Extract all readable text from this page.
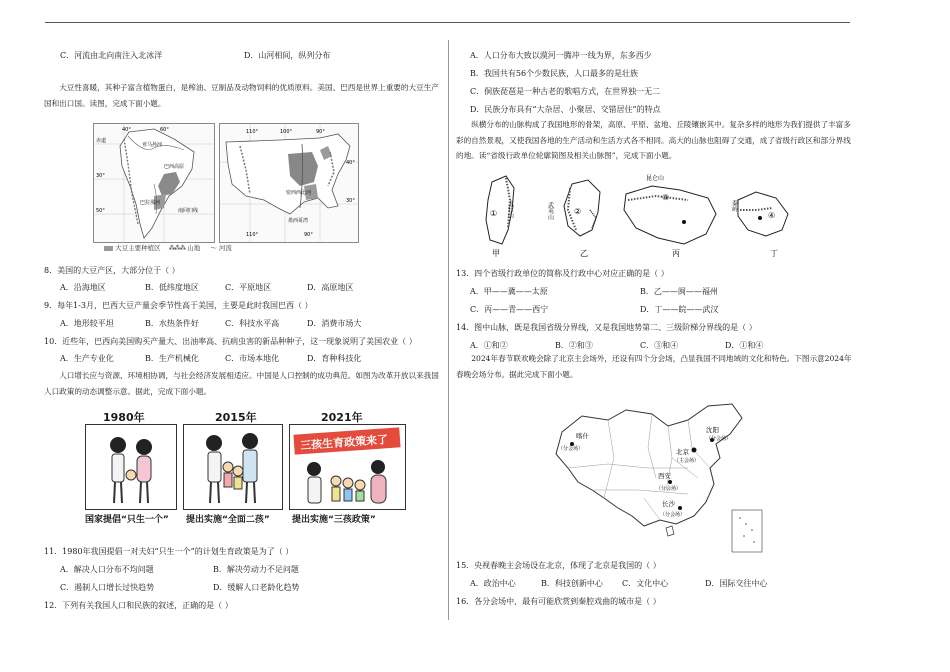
C．河流由北向南注入北冰洋	D．山河相间，纵列分布
大豆性喜暖，其种子富含植物蛋白，是榨油、豆制品及动物饲料的优质原料。美国、巴西是世界上重要的大豆生产国和出口国。读图，完成下面小题。
赤道
30°
亚马孙河
巴拉那河
巴西高原
南回归线
50°
40°	60°	110°	100°	90°
40°
30°
密西西比河
墨西哥湾
110°	90°
大豆主要种植区 ⁂⁂⁂ 山地 〜 河流
8．美国的大豆产区，大部分位于（ ）
A．沿海地区	B．低纬度地区	C．平原地区	D．高原地区
9．每年1-3月，巴西大豆产量会季节性高于美国，主要是此时我国巴西（ ）
A．地形较平坦	B．水热条件好	C．科技水平高	D．消费市场大
10．近些年，巴西向美国购买产量大、出油率高、抗病虫害的新品种种子，这一现象说明了美国农业（ ）
A．生产专业化	B．生产机械化	C．市场本地化	D．育种科技化
人口增长应与资源、环境相协调，与社会经济发展相适应。中国是人口控制的成功典范。如图为改革开放以来我国人口政策的动态调整示意。据此，完成下面小题。
1980年	2015年	2021年
三孩生育政策来了
国家提倡“只生一个” 提出实施“全面二孩” 提出实施“三孩政策”
11．1980年我国提倡一对夫妇“只生一个”的计划生育政策是为了（ ）
A．解决人口分布不均问题	B．解决劳动力不足问题
C．遏制人口增长过快趋势	D．缓解人口老龄化趋势
12．下列有关我国人口和民族的叙述，正确的是（ ）
A．人口分布大致以漠河一腾冲一线为界，东多西少
B．我国共有56个少数民族，人口最多的是壮族
C．侗族琵琶是一种古老的歌唱方式，在世界独一无二
D．民族分布具有“大杂居、小聚居、交错居住”的特点
纵横分布的山脉构成了我国地形的骨架，高原、平原、盆地、丘陵镶嵌其中。复杂多样的地形为我们提供了丰富多彩的自然景观，又使我国各地的生产活动和生活方式各不相同。高大的山脉也阻碍了交通，成了省级行政区和部分界线的地。读“省级行政单位轮廓简图及相关山脉图”，完成下面小题。
① 太行山
甲
②
武夷山
乙
③
昆仑山
丙
④
秦岭
丁
13．四个省级行政单位的简称及行政中心对应正确的是（ ）
A．甲——冀——太原	B．乙——闽——福州
C．丙——青——西宁	D．丁——皖——武汉
14．图中山脉，既是我国省级分界线，又是我国地势第二、三级阶梯分界线的是（ ）
A．①和②	B．②和③	C．③和④	D．①和④
2024年春节联欢晚会除了北京主会场外，还设有四个分会场，凸显我国不同地域的文化和特色。下图示意2024年春晚会场分布。据此完成下面小题。
喀什
（分会场）
沈阳
（分会场）
北京
（主会场）
西安
（分会场）
长沙
（分会场）
15．央视春晚主会场设在北京，体现了北京是我国的（ ）
A．政治中心	B．科技创新中心 C．文化中心	D．国际交往中心
16．各分会场中，最有可能欣赏到秦腔戏曲的城市是（ ）
